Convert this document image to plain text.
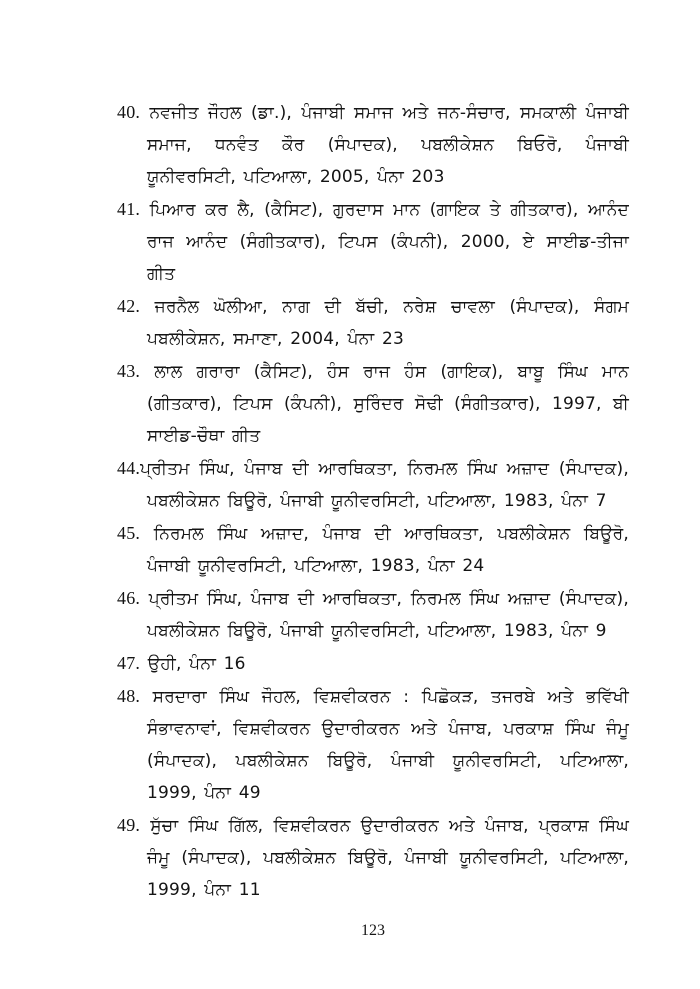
40. ਨਵਜੀਤ ਜੌਹਲ (ਡਾ.), ਪੰਜਾਬੀ ਸਮਾਜ ਅਤੇ ਜਨ-ਸੰਚਾਰ, ਸਮਕਾਲੀ ਪੰਜਾਬੀ ਸਮਾਜ, ਧਨਵੰਤ ਕੌਰ (ਸੰਪਾਦਕ), ਪਬਲੀਕੇਸ਼ਨ ਬਿਓਰੋ, ਪੰਜਾਬੀ ਯੂਨੀਵਰਸਿਟੀ, ਪਟਿਆਲਾ, 2005, ਪੰਨਾ 203
41. ਪਿਆਰ ਕਰ ਲੈ, (ਕੈਸਿਟ), ਗੁਰਦਾਸ ਮਾਨ (ਗਾਇਕ ਤੇ ਗੀਤਕਾਰ), ਆਨੰਦ ਰਾਜ ਆਨੰਦ (ਸੰਗੀਤਕਾਰ), ਟਿਪਸ (ਕੰਪਨੀ), 2000, ਏ ਸਾਈਡ-ਤੀਜਾ ਗੀਤ
42. ਜਰਨੈਲ ਘੋਲੀਆ, ਨਾਗ ਦੀ ਬੱਚੀ, ਨਰੇਸ਼ ਚਾਵਲਾ (ਸੰਪਾਦਕ), ਸੰਗਮ ਪਬਲੀਕੇਸ਼ਨ, ਸਮਾਣਾ, 2004, ਪੰਨਾ 23
43. ਲਾਲ ਗਰਾਰਾ (ਕੈਸਿਟ), ਹੰਸ ਰਾਜ ਹੰਸ (ਗਾਇਕ), ਬਾਬੂ ਸਿੰਘ ਮਾਨ (ਗੀਤਕਾਰ), ਟਿਪਸ (ਕੰਪਨੀ), ਸੁਰਿੰਦਰ ਸੋਢੀ (ਸੰਗੀਤਕਾਰ), 1997, ਬੀ ਸਾਈਡ-ਚੌਥਾ ਗੀਤ
44.ਪ੍ਰੀਤਮ ਸਿੰਘ, ਪੰਜਾਬ ਦੀ ਆਰਥਿਕਤਾ, ਨਿਰਮਲ ਸਿੰਘ ਅਜ਼ਾਦ (ਸੰਪਾਦਕ), ਪਬਲੀਕੇਸ਼ਨ ਬਿਊਰੋ, ਪੰਜਾਬੀ ਯੂਨੀਵਰਸਿਟੀ, ਪਟਿਆਲਾ, 1983, ਪੰਨਾ 7
45. ਨਿਰਮਲ ਸਿੰਘ ਅਜ਼ਾਦ, ਪੰਜਾਬ ਦੀ ਆਰਥਿਕਤਾ, ਪਬਲੀਕੇਸ਼ਨ ਬਿਊਰੋ, ਪੰਜਾਬੀ ਯੂਨੀਵਰਸਿਟੀ, ਪਟਿਆਲਾ, 1983, ਪੰਨਾ 24
46. ਪ੍ਰੀਤਮ ਸਿੰਘ, ਪੰਜਾਬ ਦੀ ਆਰਥਿਕਤਾ, ਨਿਰਮਲ ਸਿੰਘ ਅਜ਼ਾਦ (ਸੰਪਾਦਕ), ਪਬਲੀਕੇਸ਼ਨ ਬਿਊਰੋ, ਪੰਜਾਬੀ ਯੂਨੀਵਰਸਿਟੀ, ਪਟਿਆਲਾ, 1983, ਪੰਨਾ 9
47. ਉਹੀ, ਪੰਨਾ 16
48. ਸਰਦਾਰਾ ਸਿੰਘ ਜੌਹਲ, ਵਿਸ਼ਵੀਕਰਨ : ਪਿਛੋਕੜ, ਤਜਰਬੇ ਅਤੇ ਭਵਿੱਖੀ ਸੰਭਾਵਨਾਵਾਂ, ਵਿਸ਼ਵੀਕਰਨ ਉਦਾਰੀਕਰਨ ਅਤੇ ਪੰਜਾਬ, ਪਰਕਾਸ਼ ਸਿੰਘ ਜੰਮੂ (ਸੰਪਾਦਕ), ਪਬਲੀਕੇਸ਼ਨ ਬਿਊਰੋ, ਪੰਜਾਬੀ ਯੂਨੀਵਰਸਿਟੀ, ਪਟਿਆਲਾ, 1999, ਪੰਨਾ 49
49. ਸੁੱਚਾ ਸਿੰਘ ਗਿੱਲ, ਵਿਸ਼ਵੀਕਰਨ ਉਦਾਰੀਕਰਨ ਅਤੇ ਪੰਜਾਬ, ਪ੍ਰਕਾਸ਼ ਸਿੰਘ ਜੰਮੂ (ਸੰਪਾਦਕ), ਪਬਲੀਕੇਸ਼ਨ ਬਿਊਰੋ, ਪੰਜਾਬੀ ਯੂਨੀਵਰਸਿਟੀ, ਪਟਿਆਲਾ, 1999, ਪੰਨਾ 11
123
